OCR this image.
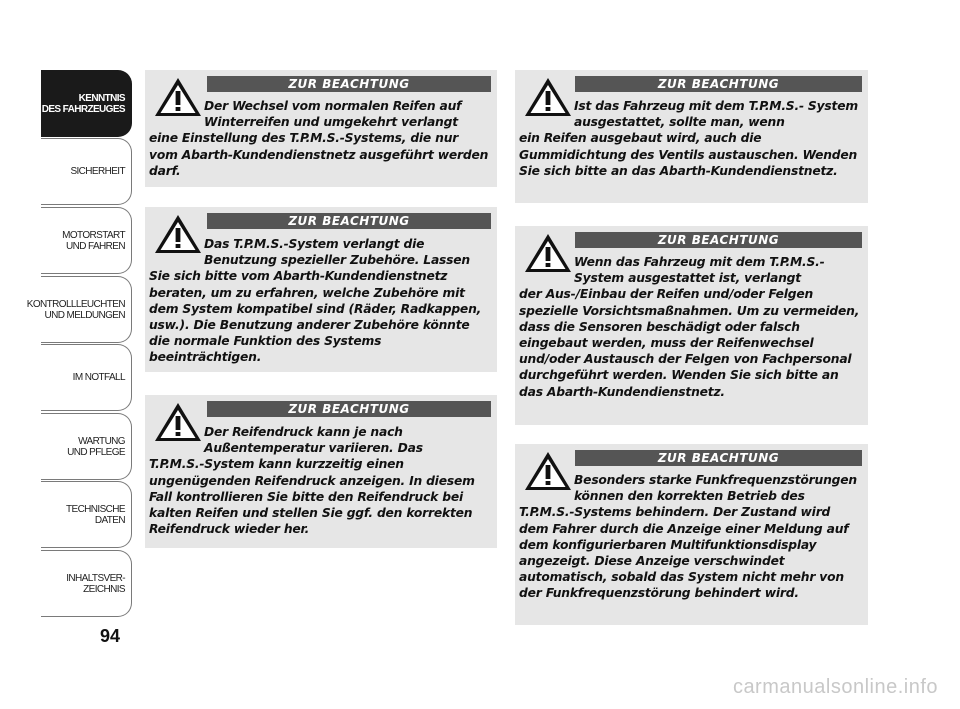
KENNTNIS
DES FAHRZEUGES
SICHERHEIT
MOTORSTART
UND FAHREN
KONTROLLLEUCHTEN
UND MELDUNGEN
IM NOTFALL
WARTUNG
UND PFLEGE
TECHNISCHE
DATEN
INHALTSVER-
ZEICHNIS
94
ZUR BEACHTUNG
Der Wechsel vom normalen Reifen auf Winterreifen und umgekehrt verlangt
eine Einstellung des T.P.M.S.-Systems, die nur vom Abarth-Kundendienstnetz ausgeführt werden darf.
ZUR BEACHTUNG
Das T.P.M.S.-System verlangt die Benutzung spezieller Zubehöre. Lassen
Sie sich bitte vom Abarth-Kundendienstnetz beraten, um zu erfahren, welche Zubehöre mit dem System kompatibel sind (Räder, Radkappen, usw.). Die Benutzung anderer Zubehöre könnte die normale Funktion des Systems beeinträchtigen.
ZUR BEACHTUNG
Der Reifendruck kann je nach Außentemperatur variieren. Das
T.P.M.S.-System kann kurzzeitig einen ungenügenden Reifendruck anzeigen. In diesem Fall kontrollieren Sie bitte den Reifendruck bei kalten Reifen und stellen Sie ggf. den korrekten Reifendruck wieder her.
ZUR BEACHTUNG
Ist das Fahrzeug mit dem T.P.M.S.- System ausgestattet, sollte man, wenn
ein Reifen ausgebaut wird, auch die Gummidichtung des Ventils austauschen. Wenden Sie sich bitte an das Abarth-Kundendienstnetz.
ZUR BEACHTUNG
Wenn das Fahrzeug mit dem T.P.M.S.- System ausgestattet ist, verlangt
der Aus-/Einbau der Reifen und/oder Felgen spezielle Vorsichtsmaßnahmen. Um zu vermeiden, dass die Sensoren beschädigt oder falsch eingebaut werden, muss der Reifenwechsel und/oder Austausch der Felgen von Fachpersonal durchgeführt werden. Wenden Sie sich bitte an das Abarth-Kundendienstnetz.
ZUR BEACHTUNG
Besonders starke Funkfrequenzstörungen können den korrekten Betrieb des
T.P.M.S.-Systems behindern. Der Zustand wird dem Fahrer durch die Anzeige einer Meldung auf dem konfigurierbaren Multifunktionsdisplay angezeigt. Diese Anzeige verschwindet automatisch, sobald das System nicht mehr von der Funkfrequenzstörung behindert wird.
carmanualsonline.info
